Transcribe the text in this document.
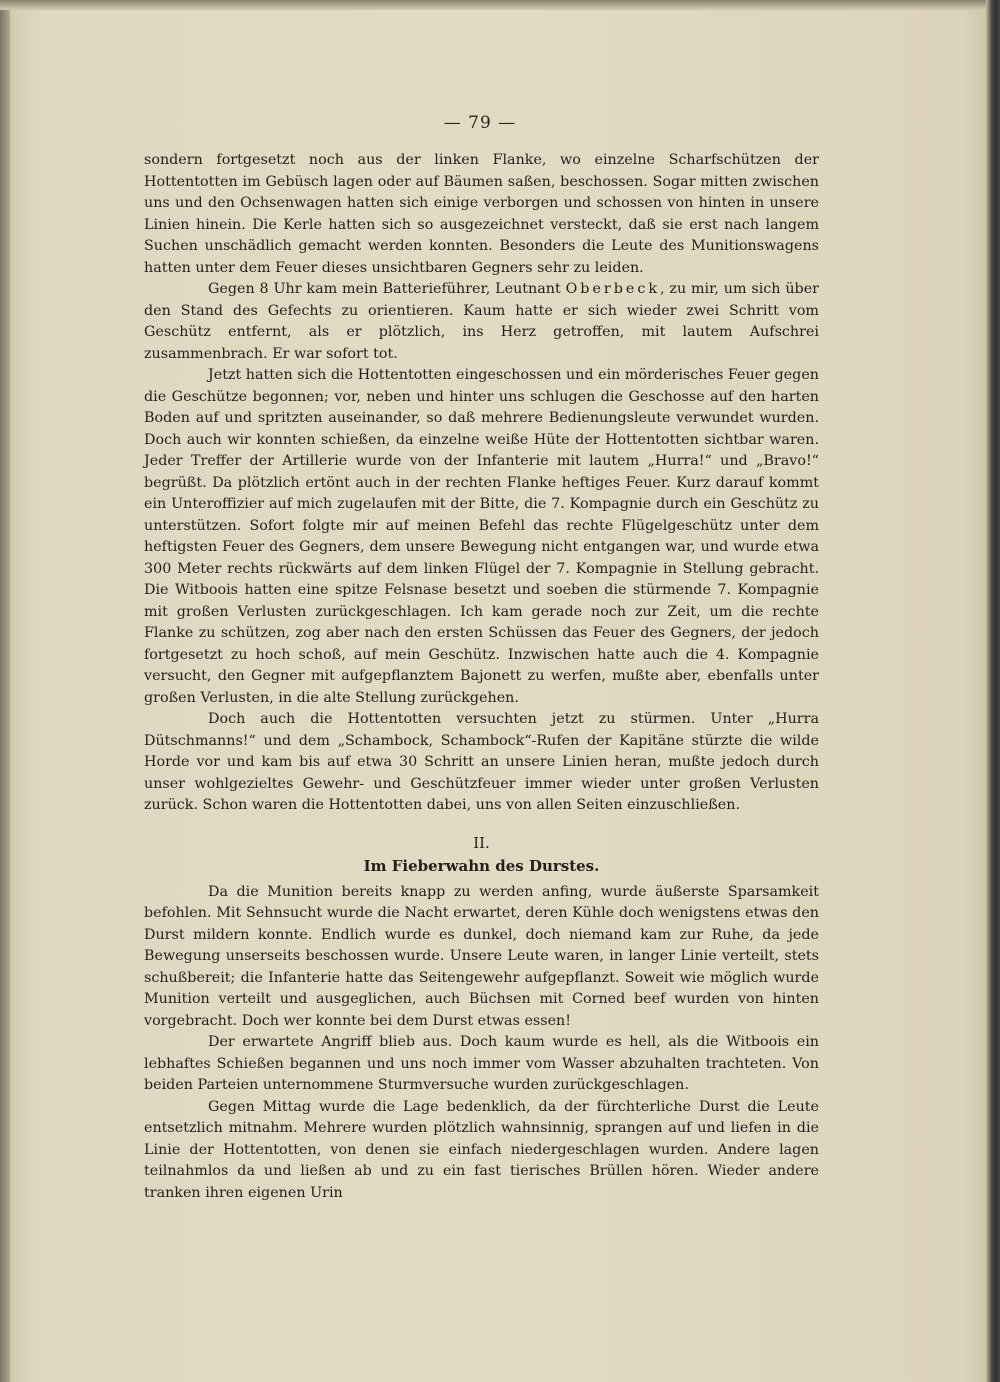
— 79 —

sondern fortgesetzt noch aus der linken Flanke, wo einzelne Scharfschützen der Hottentotten im Gebüsch lagen oder auf Bäumen saßen, beschossen. Sogar mitten zwischen uns und den Ochsenwagen hatten sich einige verborgen und schossen von hinten in unsere Linien hinein. Die Kerle hatten sich so ausgezeichnet versteckt, daß sie erst nach langem Suchen unschädlich gemacht werden konnten. Besonders die Leute des Munitionswagens hatten unter dem Feuer dieses unsichtbaren Gegners sehr zu leiden.

Gegen 8 Uhr kam mein Batterieführer, Leutnant Oberbeck, zu mir, um sich über den Stand des Gefechts zu orientieren. Kaum hatte er sich wieder zwei Schritt vom Geschütz entfernt, als er plötzlich, ins Herz getroffen, mit lautem Aufschrei zusammenbrach. Er war sofort tot.

Jetzt hatten sich die Hottentotten eingeschossen und ein mörderisches Feuer gegen die Geschütze begonnen; vor, neben und hinter uns schlugen die Geschosse auf den harten Boden auf und spritzten auseinander, so daß mehrere Bedienungsleute verwundet wurden. Doch auch wir konnten schießen, da einzelne weiße Hüte der Hottentotten sichtbar waren. Jeder Treffer der Artillerie wurde von der Infanterie mit lautem „Hurra!“ und „Bravo!“ begrüßt. Da plötzlich ertönt auch in der rechten Flanke heftiges Feuer. Kurz darauf kommt ein Unteroffizier auf mich zugelaufen mit der Bitte, die 7. Kompagnie durch ein Geschütz zu unterstützen. Sofort folgte mir auf meinen Befehl das rechte Flügelgeschütz unter dem heftigsten Feuer des Gegners, dem unsere Bewegung nicht entgangen war, und wurde etwa 300 Meter rechts rückwärts auf dem linken Flügel der 7. Kompagnie in Stellung gebracht. Die Witboois hatten eine spitze Felsnase besetzt und soeben die stürmende 7. Kompagnie mit großen Verlusten zurückgeschlagen. Ich kam gerade noch zur Zeit, um die rechte Flanke zu schützen, zog aber nach den ersten Schüssen das Feuer des Gegners, der jedoch fortgesetzt zu hoch schoß, auf mein Geschütz. Inzwischen hatte auch die 4. Kompagnie versucht, den Gegner mit aufgepflanztem Bajonett zu werfen, mußte aber, ebenfalls unter großen Verlusten, in die alte Stellung zurückgehen.

Doch auch die Hottentotten versuchten jetzt zu stürmen. Unter „Hurra Dütschmanns!“ und dem „Schambock, Schambock“-Rufen der Kapitäne stürzte die wilde Horde vor und kam bis auf etwa 30 Schritt an unsere Linien heran, mußte jedoch durch unser wohlgezieltes Gewehr- und Geschützfeuer immer wieder unter großen Verlusten zurück. Schon waren die Hottentotten dabei, uns von allen Seiten einzuschließen.

II.
Im Fieberwahn des Durstes.

Da die Munition bereits knapp zu werden anfing, wurde äußerste Sparsamkeit befohlen. Mit Sehnsucht wurde die Nacht erwartet, deren Kühle doch wenigstens etwas den Durst mildern konnte. Endlich wurde es dunkel, doch niemand kam zur Ruhe, da jede Bewegung unserseits beschossen wurde. Unsere Leute waren, in langer Linie verteilt, stets schußbereit; die Infanterie hatte das Seitengewehr aufgepflanzt. Soweit wie möglich wurde Munition verteilt und ausgeglichen, auch Büchsen mit Corned beef wurden von hinten vorgebracht. Doch wer konnte bei dem Durst etwas essen!

Der erwartete Angriff blieb aus. Doch kaum wurde es hell, als die Witboois ein lebhaftes Schießen begannen und uns noch immer vom Wasser abzuhalten trachteten. Von beiden Parteien unternommene Sturmversuche wurden zurückgeschlagen.

Gegen Mittag wurde die Lage bedenklich, da der fürchterliche Durst die Leute entsetzlich mitnahm. Mehrere wurden plötzlich wahnsinnig, sprangen auf und liefen in die Linie der Hottentotten, von denen sie einfach niedergeschlagen wurden. Andere lagen teilnahmlos da und ließen ab und zu ein fast tierisches Brüllen hören. Wieder andere tranken ihren eigenen Urin
